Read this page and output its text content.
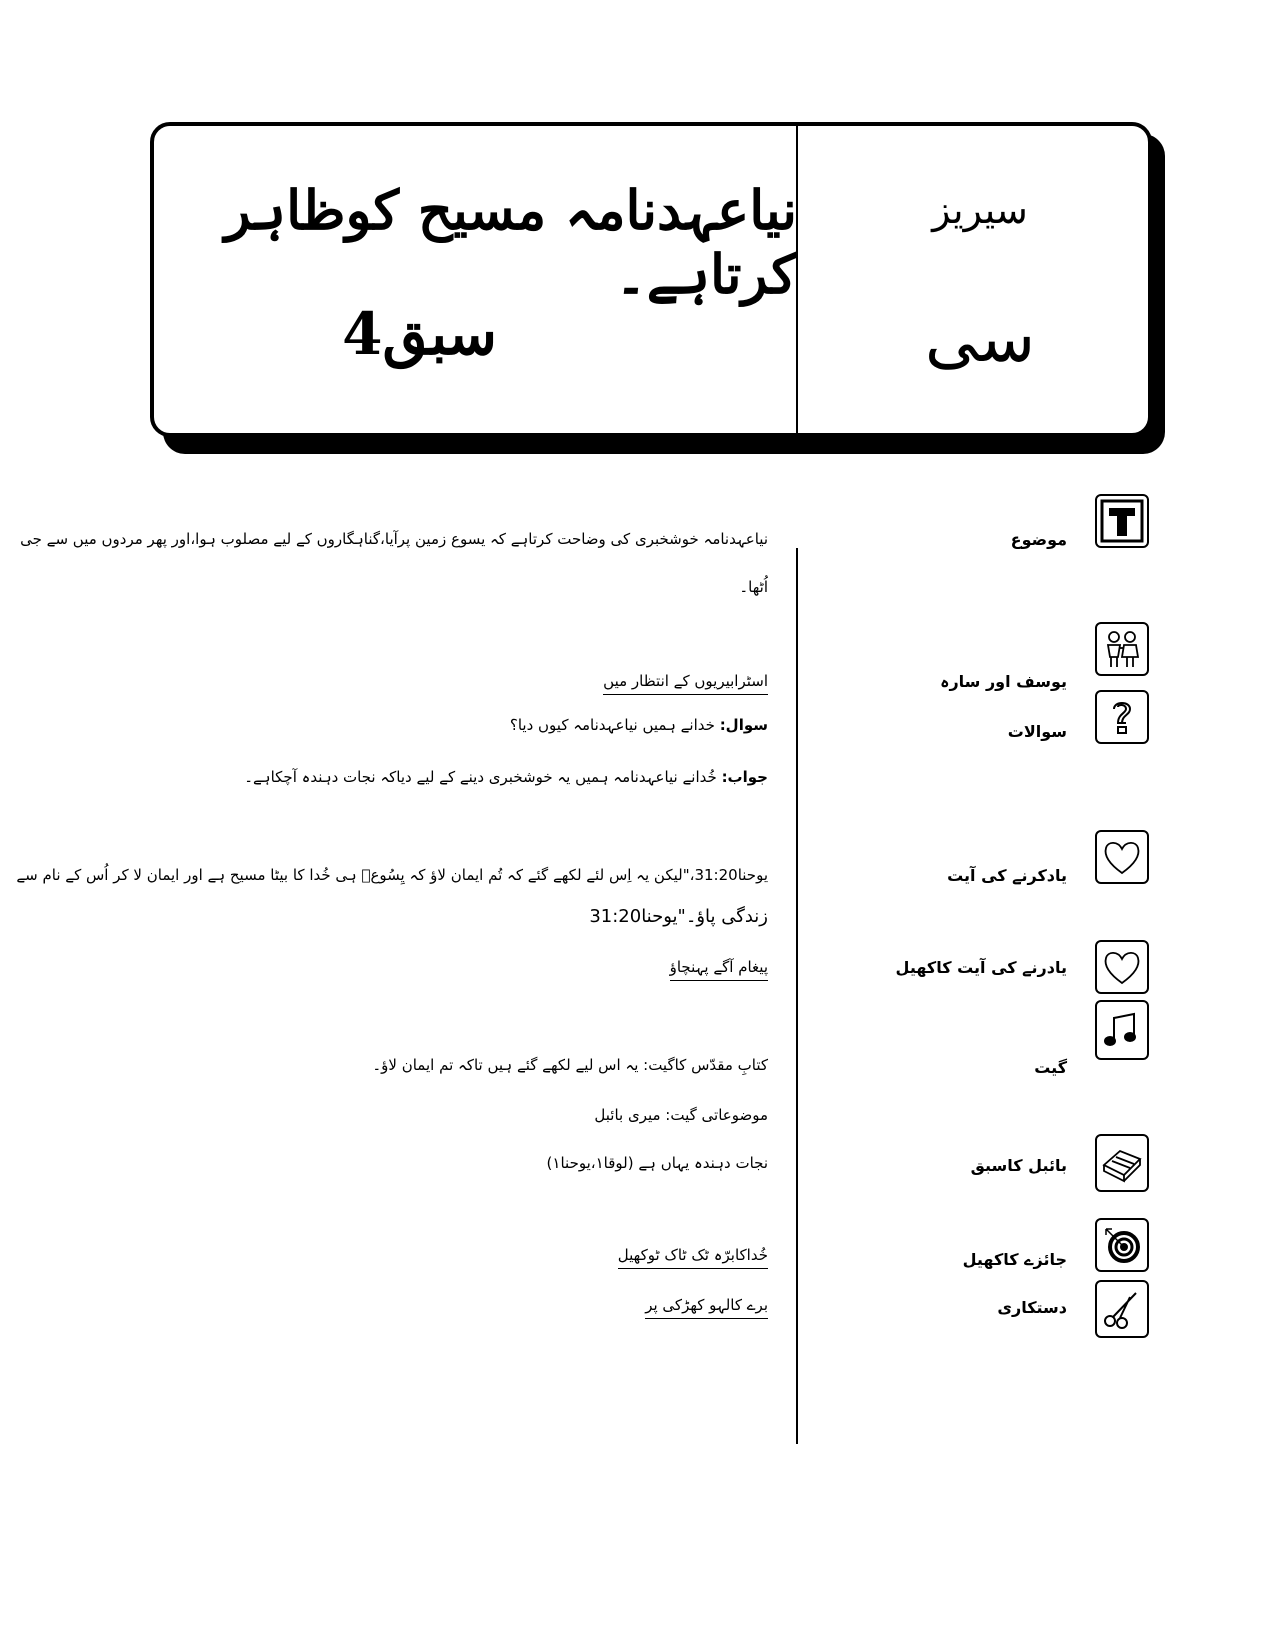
نیاعہدنامہ مسیح کوظاہر کرتاہے۔
سبق4
سیریز
سی
موضوع
نیاعہدنامہ خوشخبری کی وضاحت کرتاہے کہ یسوع زمین پرآیا،گناہگاروں کے لیے مصلوب ہوا،اور پھر مردوں میں سے جی
اُٹھا۔
یوسف اور سارہ
اسٹرابیریوں کے انتظار میں
سوالات
سوال: خدانے ہمیں نیاعہدنامہ کیوں دیا؟
جواب: خُدانے نیاعہدنامہ ہمیں یہ خوشخبری دینے کے لیے دیاکہ نجات دہندہ آچکاہے۔
یادکرنے کی آیت
یوحنا31:20،"لیکن یہ اِس لئے لکھے گئے کہ تُم ایمان لاؤ کہ یِسُوعؔ ہی خُدا کا بیٹا مسیح ہے اور ایمان لا کر اُس کے نام سے
زندگی پاؤ۔"یوحنا31:20
یادرنے کی آیت کاکھیل
پیغام آگے پہنچاؤ
گیت
کتابِ مقدّس کاگیت: یہ اس لیے لکھے گئے ہیں تاکہ تم ایمان لاؤ۔
موضوعاتی گیت: میری بائبل
نجات دہندہ یہاں ہے (لوقا۱،یوحنا۱)	بائبل کاسبق
جائزے کاکھیل
خُداکابرّہ ٹک ٹاک ٹوکھیل
دستکاری
برے کالہو کھڑکی پر
